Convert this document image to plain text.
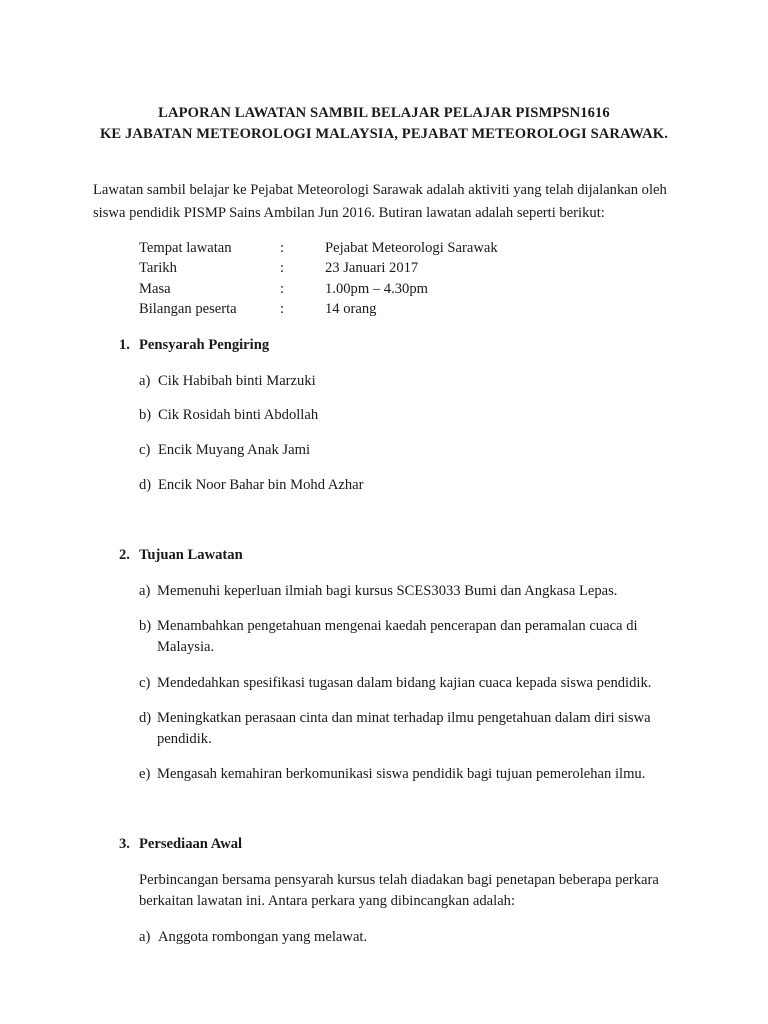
LAPORAN LAWATAN SAMBIL BELAJAR PELAJAR PISMPSN1616
KE JABATAN METEOROLOGI MALAYSIA, PEJABAT METEOROLOGI SARAWAK.
Lawatan sambil belajar ke Pejabat Meteorologi Sarawak adalah aktiviti yang telah dijalankan oleh
siswa pendidik PISMP Sains Ambilan Jun 2016. Butiran lawatan adalah seperti berikut:
Tempat lawatan	:	Pejabat Meteorologi Sarawak
Tarikh	:	23 Januari 2017
Masa	:	1.00pm – 4.30pm
Bilangan peserta	:	14 orang
1. Pensyarah Pengiring
a) Cik Habibah binti Marzuki
b) Cik Rosidah binti Abdollah
c) Encik Muyang Anak Jami
d) Encik Noor Bahar bin Mohd Azhar
2. Tujuan Lawatan
a) Memenuhi keperluan ilmiah bagi kursus SCES3033 Bumi dan Angkasa Lepas.
b) Menambahkan pengetahuan mengenai kaedah pencerapan dan peramalan cuaca di
Malaysia.
c) Mendedahkan spesifikasi tugasan dalam bidang kajian cuaca kepada siswa pendidik.
d) Meningkatkan perasaan cinta dan minat terhadap ilmu pengetahuan dalam diri siswa
pendidik.
e) Mengasah kemahiran berkomunikasi siswa pendidik bagi tujuan pemerolehan ilmu.
3. Persediaan Awal
Perbincangan bersama pensyarah kursus telah diadakan bagi penetapan beberapa perkara
berkaitan lawatan ini. Antara perkara yang dibincangkan adalah:
a) Anggota rombongan yang melawat.
